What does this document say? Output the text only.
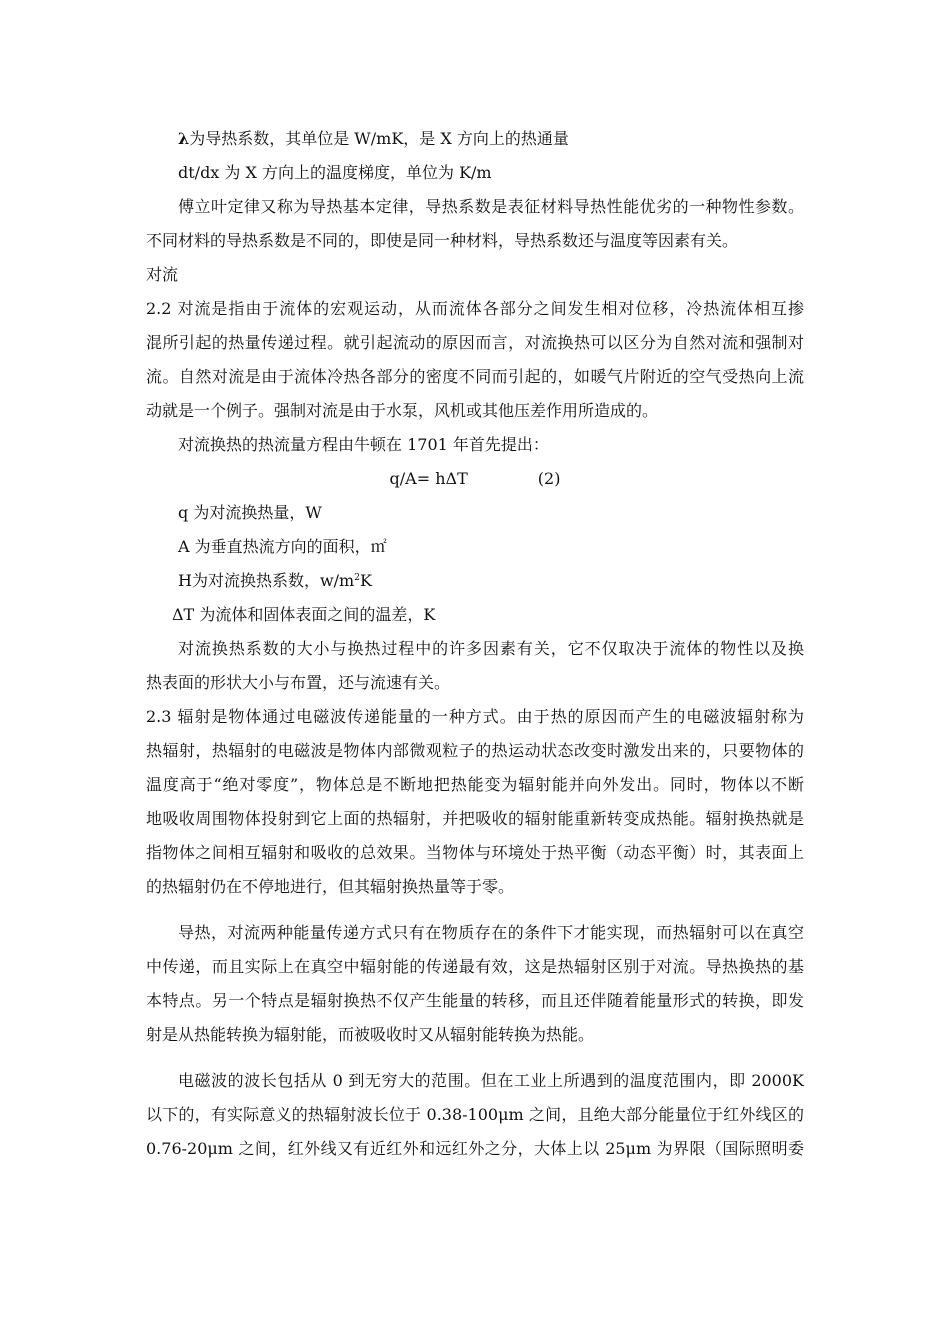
λ为导热系数，其单位是 W/mK，是 X 方向上的热通量
dt/dx 为 X 方向上的温度梯度，单位为 K/m
傅立叶定律又称为导热基本定律，导热系数是表征材料导热性能优劣的一种物性参数。
不同材料的导热系数是不同的，即使是同一种材料，导热系数还与温度等因素有关。
对流
2.2 对流是指由于流体的宏观运动，从而流体各部分之间发生相对位移，冷热流体相互掺
混所引起的热量传递过程。就引起流动的原因而言，对流换热可以区分为自然对流和强制对
流。自然对流是由于流体冷热各部分的密度不同而引起的，如暖气片附近的空气受热向上流
动就是一个例子。强制对流是由于水泵，风机或其他压差作用所造成的。
对流换热的热流量方程由牛顿在 1701 年首先提出：
q/A= hΔT	(2)
q 为对流换热量，W
A 为垂直热流方向的面积，㎡
H为对流换热系数，$w/m^2K$
ΔT 为流体和固体表面之间的温差，K
对流换热系数的大小与换热过程中的许多因素有关，它不仅取决于流体的物性以及换
热表面的形状大小与布置，还与流速有关。
2.3 辐射是物体通过电磁波传递能量的一种方式。由于热的原因而产生的电磁波辐射称为
热辐射，热辐射的电磁波是物体内部微观粒子的热运动状态改变时激发出来的，只要物体的
温度高于“绝对零度”，物体总是不断地把热能变为辐射能并向外发出。同时，物体以不断
地吸收周围物体投射到它上面的热辐射，并把吸收的辐射能重新转变成热能。辐射换热就是
指物体之间相互辐射和吸收的总效果。当物体与环境处于热平衡（动态平衡）时，其表面上
的热辐射仍在不停地进行，但其辐射换热量等于零。
导热，对流两种能量传递方式只有在物质存在的条件下才能实现，而热辐射可以在真空
中传递，而且实际上在真空中辐射能的传递最有效，这是热辐射区别于对流。导热换热的基
本特点。另一个特点是辐射换热不仅产生能量的转移，而且还伴随着能量形式的转换，即发
射是从热能转换为辐射能，而被吸收时又从辐射能转换为热能。
电磁波的波长包括从 0 到无穷大的范围。但在工业上所遇到的温度范围内，即 2000K
以下的，有实际意义的热辐射波长位于 0.38-100μm 之间，且绝大部分能量位于红外线区的
0.76-20μm 之间，红外线又有近红外和远红外之分，大体上以 25μm 为界限（国际照明委
